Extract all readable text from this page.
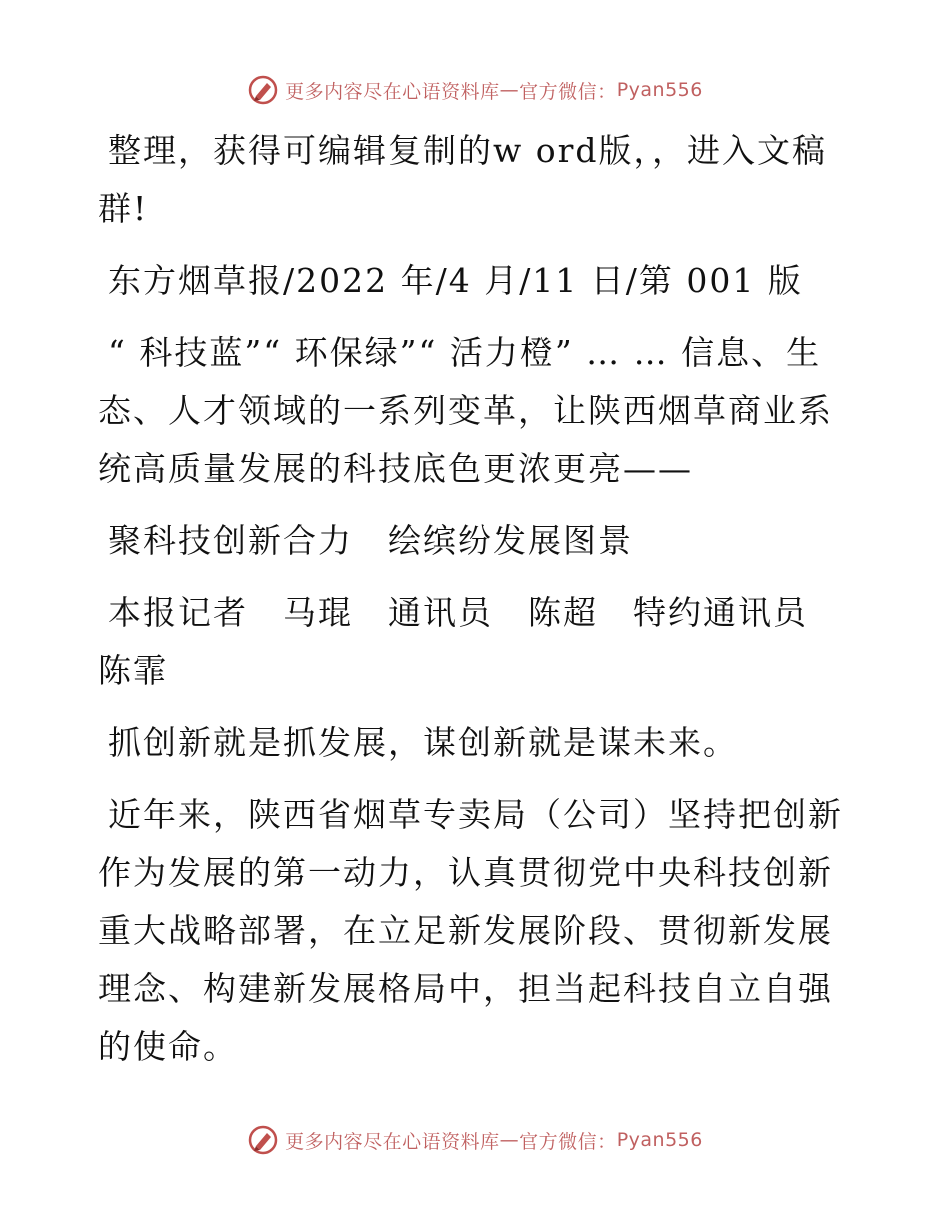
更多内容尽在心语资料库 — 官方微信： Pyan556

整理，获得可编辑复制的w ord版，，进入文稿群!

东方烟草报/2022 年/4 月/11 日/第 001 版

“ 科技蓝”“ 环保绿”“ 活力橙” … … 信息、生态、人才领域的一系列变革，让陕西烟草商业系统高质量发展的科技底色更浓更亮——

聚科技创新合力　绘缤纷发展图景

本报记者　马琨　通讯员　陈超　特约通讯员　陈霏

抓创新就是抓发展，谋创新就是谋未来。

近年来，陕西省烟草专卖局（公司）坚持把创新作为发展的第一动力，认真贯彻党中央科技创新重大战略部署，在立足新发展阶段、贯彻新发展理念、构建新发展格局中，担当起科技自立自强的使命。

更多内容尽在心语资料库 — 官方微信： Pyan556
